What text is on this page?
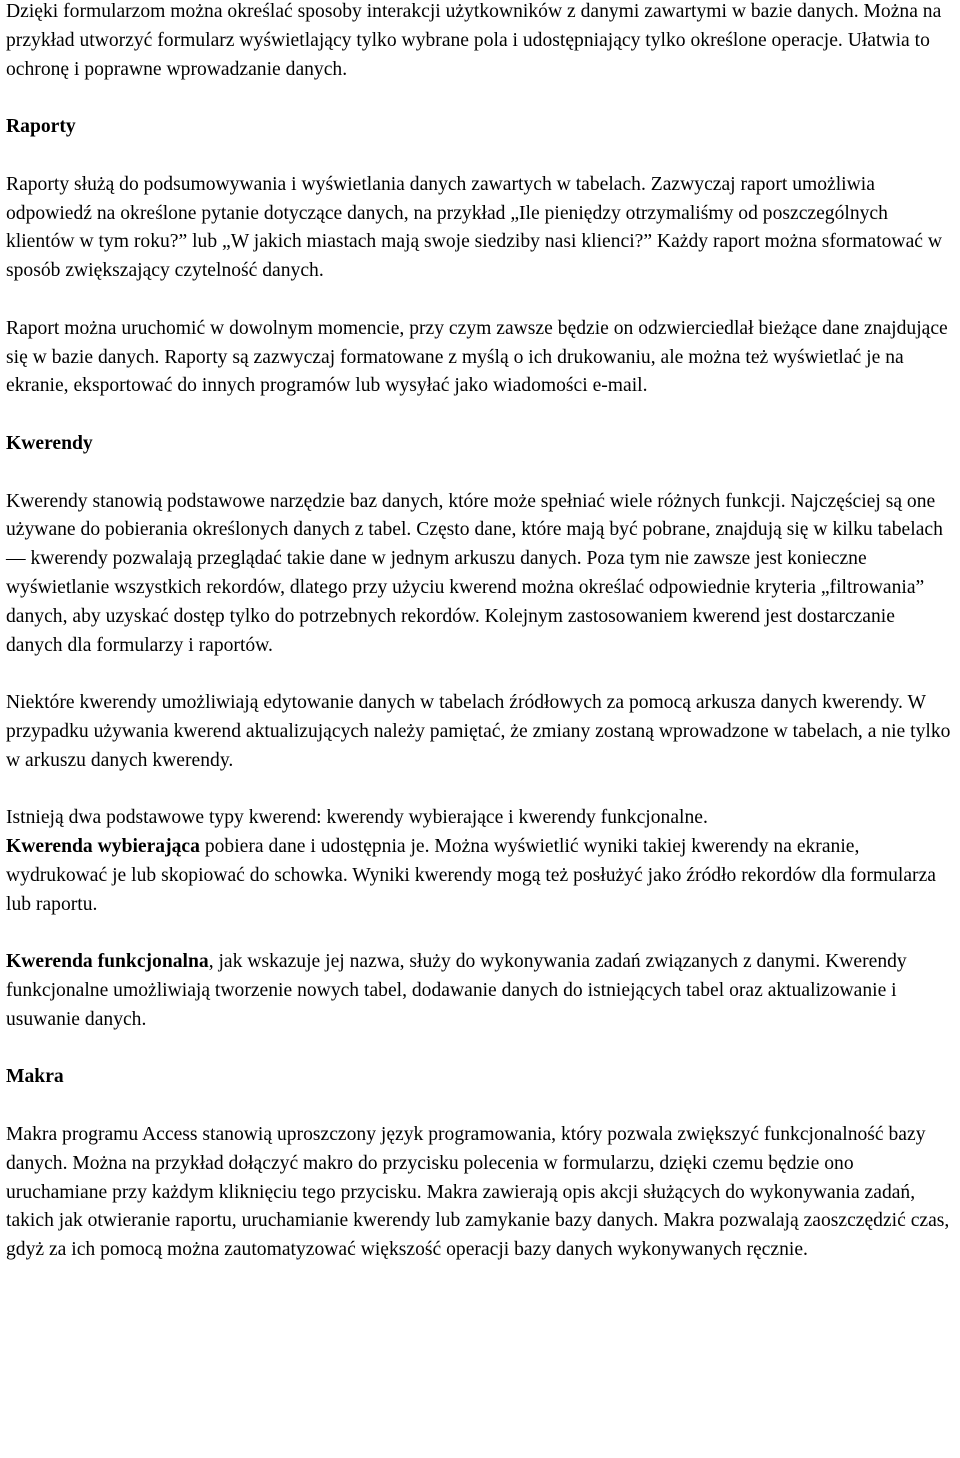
Dzięki formularzom można określać sposoby interakcji użytkowników z danymi zawartymi w bazie danych. Można na przykład utworzyć formularz wyświetlający tylko wybrane pola i udostępniający tylko określone operacje. Ułatwia to ochronę i poprawne wprowadzanie danych.

Raporty

Raporty służą do podsumowywania i wyświetlania danych zawartych w tabelach. Zazwyczaj raport umożliwia odpowiedź na określone pytanie dotyczące danych, na przykład „Ile pieniędzy otrzymaliśmy od poszczególnych klientów w tym roku?” lub „W jakich miastach mają swoje siedziby nasi klienci?” Każdy raport można sformatować w sposób zwiększający czytelność danych.

Raport można uruchomić w dowolnym momencie, przy czym zawsze będzie on odzwierciedlał bieżące dane znajdujące się w bazie danych. Raporty są zazwyczaj formatowane z myślą o ich drukowaniu, ale można też wyświetlać je na ekranie, eksportować do innych programów lub wysyłać jako wiadomości e-mail.

Kwerendy

Kwerendy stanowią podstawowe narzędzie baz danych, które może spełniać wiele różnych funkcji. Najczęściej są one używane do pobierania określonych danych z tabel. Często dane, które mają być pobrane, znajdują się w kilku tabelach — kwerendy pozwalają przeglądać takie dane w jednym arkuszu danych. Poza tym nie zawsze jest konieczne wyświetlanie wszystkich rekordów, dlatego przy użyciu kwerend można określać odpowiednie kryteria „filtrowania” danych, aby uzyskać dostęp tylko do potrzebnych rekordów. Kolejnym zastosowaniem kwerend jest dostarczanie danych dla formularzy i raportów.

Niektóre kwerendy umożliwiają edytowanie danych w tabelach źródłowych za pomocą arkusza danych kwerendy. W przypadku używania kwerend aktualizujących należy pamiętać, że zmiany zostaną wprowadzone w tabelach, a nie tylko w arkuszu danych kwerendy.

Istnieją dwa podstawowe typy kwerend: kwerendy wybierające i kwerendy funkcjonalne.
Kwerenda wybierająca pobiera dane i udostępnia je. Można wyświetlić wyniki takiej kwerendy na ekranie, wydrukować je lub skopiować do schowka. Wyniki kwerendy mogą też posłużyć jako źródło rekordów dla formularza lub raportu.

Kwerenda funkcjonalna, jak wskazuje jej nazwa, służy do wykonywania zadań związanych z danymi. Kwerendy funkcjonalne umożliwiają tworzenie nowych tabel, dodawanie danych do istniejących tabel oraz aktualizowanie i usuwanie danych.

Makra

Makra programu Access stanowią uproszczony język programowania, który pozwala zwiększyć funkcjonalność bazy danych. Można na przykład dołączyć makro do przycisku polecenia w formularzu, dzięki czemu będzie ono uruchamiane przy każdym kliknięciu tego przycisku. Makra zawierają opis akcji służących do wykonywania zadań, takich jak otwieranie raportu, uruchamianie kwerendy lub zamykanie bazy danych. Makra pozwalają zaoszczędzić czas, gdyż za ich pomocą można zautomatyzować większość operacji bazy danych wykonywanych ręcznie.
